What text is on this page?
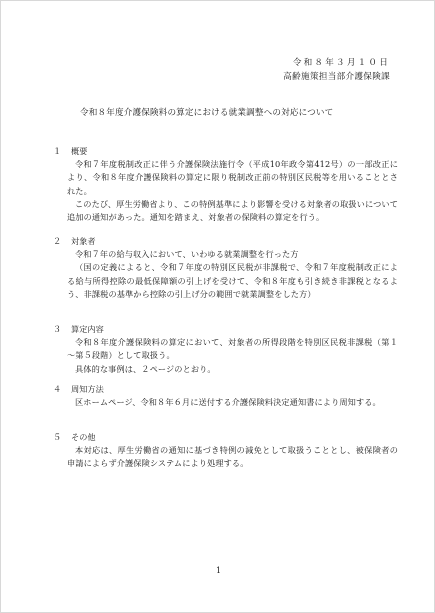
令和８年３月１０日
高齢施策担当部介護保険課
令和８年度介護保険料の算定における就業調整への対応について
１	概要

令和７年度税制改正に伴う介護保険法施行令（平成10年政令第412号）の一部改正により、令和８年度介護保険料の算定に限り税制改正前の特別区民税等を用いることとされた。

このたび、厚生労働省より、この特例基準により影響を受ける対象者の取扱いについて追加の通知があった。通知を踏まえ、対象者の保険料の算定を行う。

２	対象者

令和７年の給与収入において、いわゆる就業調整を行った方

（国の定義によると、令和７年度の特別区民税が非課税で、令和７年度税制改正による給与所得控除の最低保障額の引上げを受けて、令和８年度も引き続き非課税となるよう、非課税の基準から控除の引上げ分の範囲で就業調整をした方）

３	算定内容

令和８年度介護保険料の算定において、対象者の所得段階を特別区民税非課税（第１～第５段階）として取扱う。

具体的な事例は、２ページのとおり。

４	周知方法

区ホームページ、令和８年６月に送付する介護保険料決定通知書により周知する。

５	その他

本対応は、厚生労働省の通知に基づき特例の減免として取扱うこととし、被保険者の申請によらず介護保険システムにより処理する。

1
